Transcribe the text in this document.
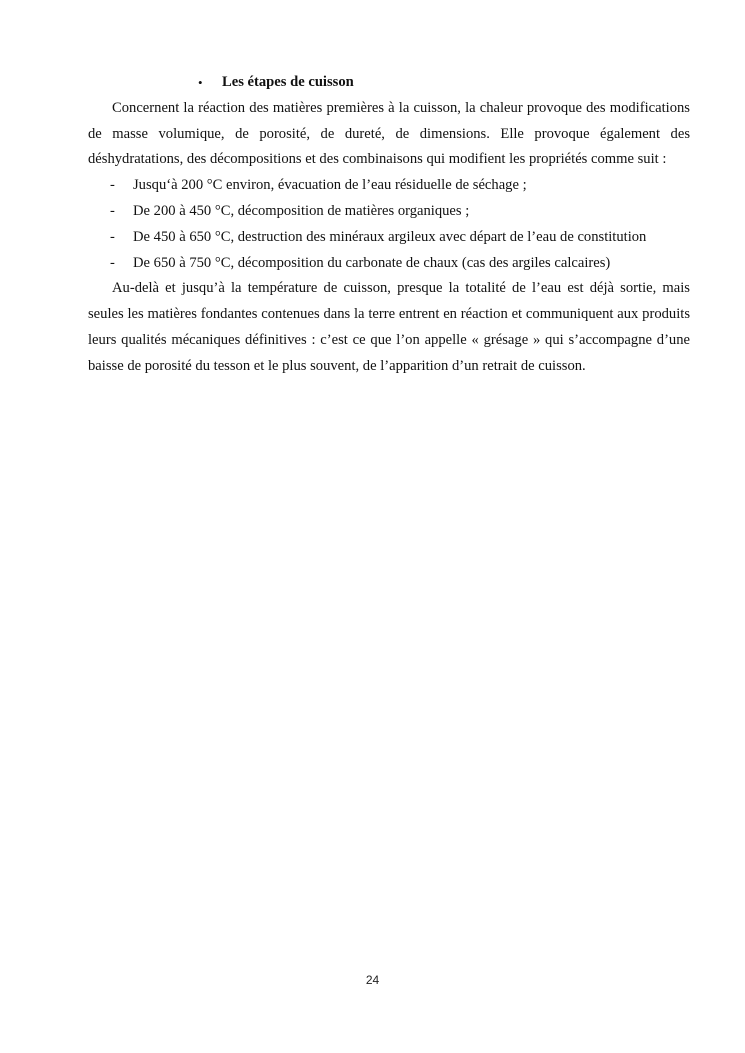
• Les étapes de cuisson

Concernent la réaction des matières premières à la cuisson, la chaleur provoque des modifications de masse volumique, de porosité, de dureté, de dimensions. Elle provoque également des déshydratations, des décompositions et des combinaisons qui modifient les propriétés comme suit :

- Jusqu‘à 200 °C environ, évacuation de l’eau résiduelle de séchage ;
- De 200 à 450 °C, décomposition de matières organiques ;
- De 450 à 650 °C, destruction des minéraux argileux avec départ de l’eau de constitution
- De 650 à 750 °C, décomposition du carbonate de chaux (cas des argiles calcaires)

Au-delà et jusqu’à la température de cuisson, presque la totalité de l’eau est déjà sortie, mais seules les matières fondantes contenues dans la terre entrent en réaction et communiquent aux produits leurs qualités mécaniques définitives : c’est ce que l’on appelle « grésage » qui s’accompagne d’une baisse de porosité du tesson et le plus souvent, de l’apparition d’un retrait de cuisson.

24
